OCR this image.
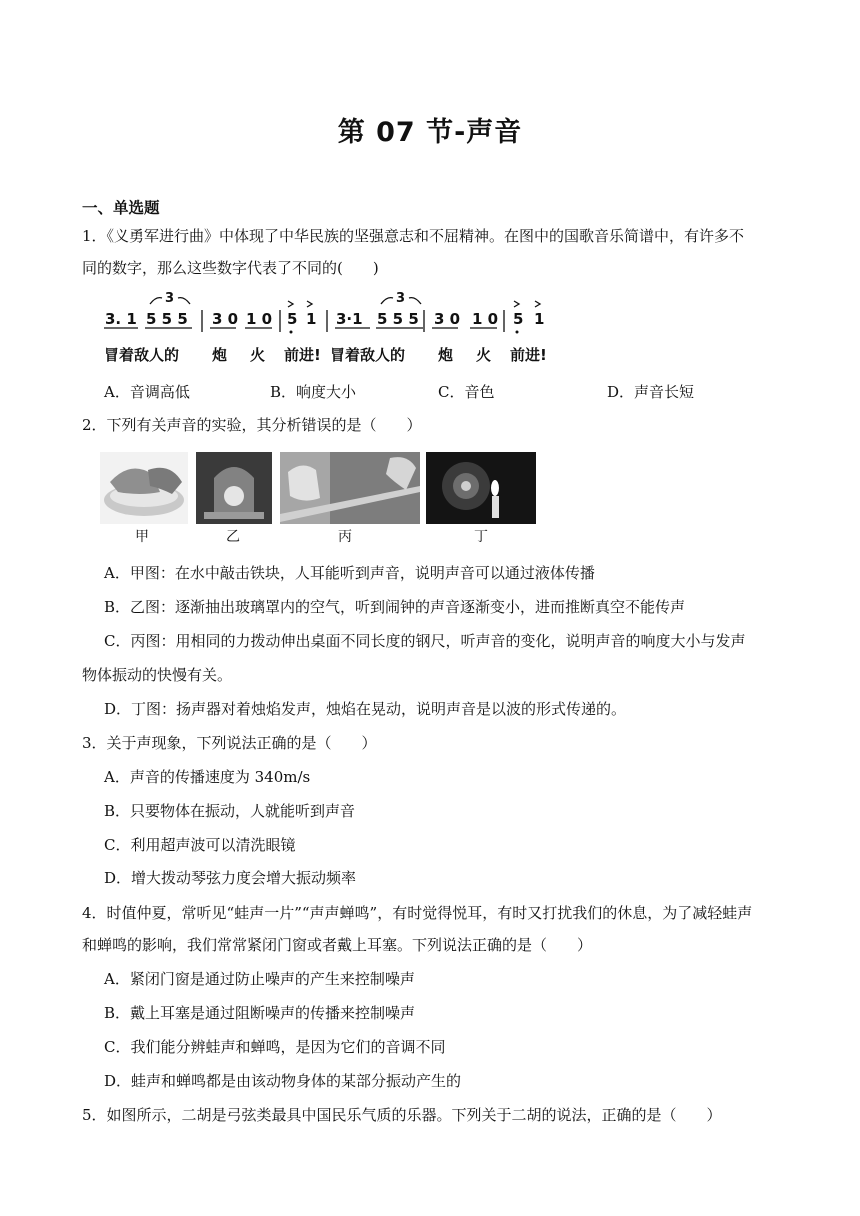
第 07 节-声音
一、单选题
1．《义勇军进行曲》中体现了中华民族的坚强意志和不屈精神。在图中的国歌音乐简谱中，有许多不
同的数字，那么这些数字代表了不同的(　　)
3. 1 5 5 5 3 0 1 0 5 1 3·1 5 5 5 3 0 1 0 5 1
3	3
冒着敌人的 炮 火 前进! 冒着敌人的 炮 火 前进!
A．音调高低	B．响度大小	C．音色	D．声音长短
2．下列有关声音的实验，其分析错误的是（　　）
甲	乙	丙	丁
A．甲图：在水中敲击铁块，人耳能听到声音，说明声音可以通过液体传播
B．乙图：逐渐抽出玻璃罩内的空气，听到闹钟的声音逐渐变小，进而推断真空不能传声
C．丙图：用相同的力拨动伸出桌面不同长度的钢尺，听声音的变化，说明声音的响度大小与发声
物体振动的快慢有关。
D．丁图：扬声器对着烛焰发声，烛焰在晃动，说明声音是以波的形式传递的。
3．关于声现象，下列说法正确的是（　　）
A．声音的传播速度为 340m/s
B．只要物体在振动，人就能听到声音
C．利用超声波可以清洗眼镜
D．增大拨动琴弦力度会增大振动频率
4．时值仲夏，常听见“蛙声一片”“声声蝉鸣”，有时觉得悦耳，有时又打扰我们的休息，为了减轻蛙声
和蝉鸣的影响，我们常常紧闭门窗或者戴上耳塞。下列说法正确的是（　　）
A．紧闭门窗是通过防止噪声的产生来控制噪声
B．戴上耳塞是通过阻断噪声的传播来控制噪声
C．我们能分辨蛙声和蝉鸣，是因为它们的音调不同
D．蛙声和蝉鸣都是由该动物身体的某部分振动产生的
5．如图所示，二胡是弓弦类最具中国民乐气质的乐器。下列关于二胡的说法，正确的是（　　）
